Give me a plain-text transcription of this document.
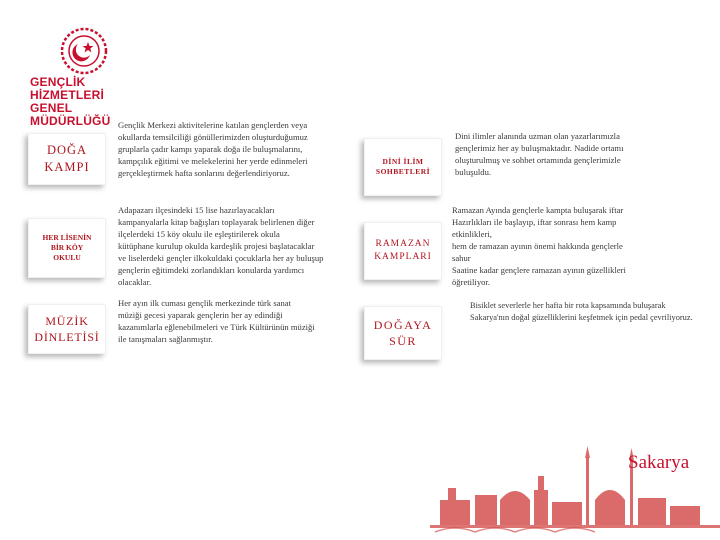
GENÇLİK HİZMETLERİ
GENEL MÜDÜRLÜĞÜ
DOĞA
KAMPI
Gençlik Merkezi aktivitelerine katılan gençlerden veya
okullarda temsilciliği gönüllerimizden oluşturduğumuz
gruplarla çadır kampı yaparak doğa ile buluşmalarını,
kampçılık eğitimi ve melekelerini her yerde edinmeleri
gerçekleştirmek hafta sonlarını değerlendiriyoruz.
HER LİSENİN
BİR KÖY
OKULU
Adapazarı ilçesindeki 15 lise hazırlayacakları
kampanyalarla kitap bağışları toplayarak belirlenen diğer
ilçelerdeki 15 köy okulu ile eşleştirilerek okula
kütüphane kurulup okulda kardeşlik projesi başlatacaklar
ve liselerdeki gençler ilkokuldaki çocuklarla her ay buluşup
gençlerin eğitimdeki zorlandıkları konularda yardımcı
olacaklar.
MÜZİK
DİNLETİSİ
Her ayın ilk cuması gençlik merkezinde türk sanat
müziği gecesi yaparak gençlerin her ay edindiği
kazanımlarla eğlenebilmeleri ve Türk Kültürünün müziği
ile tanışmaları sağlanmıştır.
DİNİ İLİM
SOHBETLERİ
Dini ilimler alanında uzman olan yazarlarımızla
gençlerimiz her ay buluşmaktadır. Nadide ortamı
oluşturulmuş ve sohbet ortamında gençlerimizle
buluşuldu.
RAMAZAN
KAMPLARI
Ramazan Ayında gençlerle kampta buluşarak iftar
Hazırlıkları ile başlayıp, iftar sonrası hem kamp
etkinlikleri,
hem de ramazan ayının önemi hakkında gençlerle
sahur
Saatine kadar gençlere ramazan ayının güzellikleri
öğretiliyor.
DOĞAYA
SÜR
Bisiklet severlerle her hafta bir rota kapsamında buluşarak
Sakarya'nın doğal güzelliklerini keşfetmek için pedal çevriliyoruz.
Sakarya
